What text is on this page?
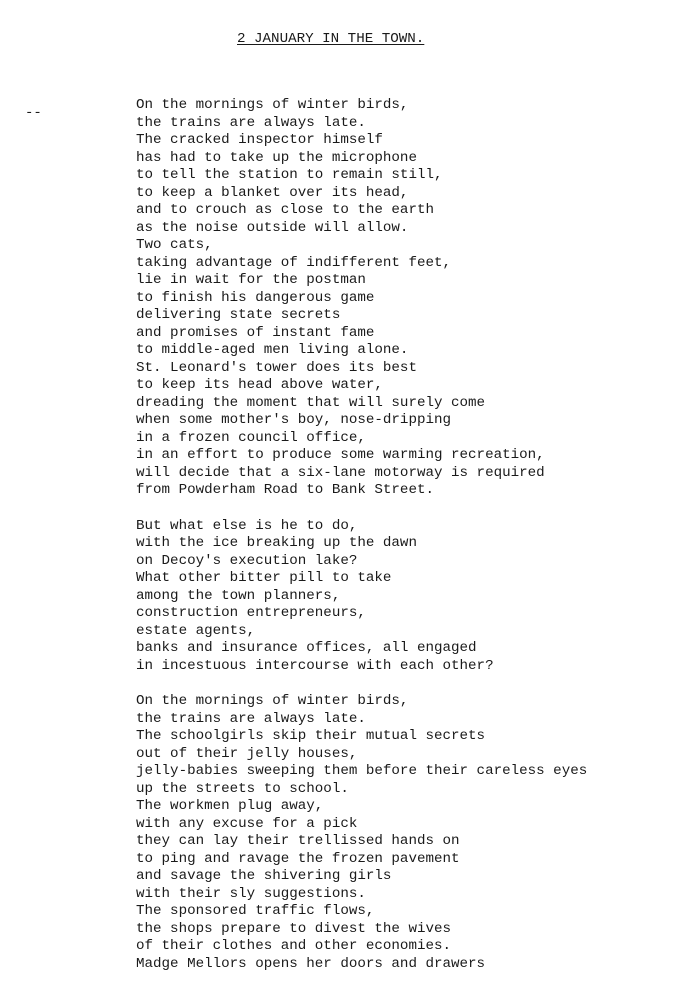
2 JANUARY IN THE TOWN.
--	On the mornings of winter birds,
the trains are always late.
The cracked inspector himself
has had to take up the microphone
to tell the station to remain still,
to keep a blanket over its head,
and to crouch as close to the earth
as the noise outside will allow.
Two cats,
taking advantage of indifferent feet,
lie in wait for the postman
to finish his dangerous game
delivering state secrets
and promises of instant fame
to middle-aged men living alone.
St. Leonard's tower does its best
to keep its head above water,
dreading the moment that will surely come
when some mother's boy, nose-dripping
in a frozen council office,
in an effort to produce some warming recreation,
will decide that a six-lane motorway is required
from Powderham Road to Bank Street.
But what else is he to do,
with the ice breaking up the dawn
on Decoy's execution lake?
What other bitter pill to take
among the town planners,
construction entrepreneurs,
estate agents,
banks and insurance offices, all engaged
in incestuous intercourse with each other?
On the mornings of winter birds,
the trains are always late.
The schoolgirls skip their mutual secrets
out of their jelly houses,
jelly-babies sweeping them before their careless eyes
up the streets to school.
The workmen plug away,
with any excuse for a pick
they can lay their trellissed hands on
to ping and ravage the frozen pavement
and savage the shivering girls
with their sly suggestions.
The sponsored traffic flows,
the shops prepare to divest the wives
of their clothes and other economies.
Madge Mellors opens her doors and drawers
